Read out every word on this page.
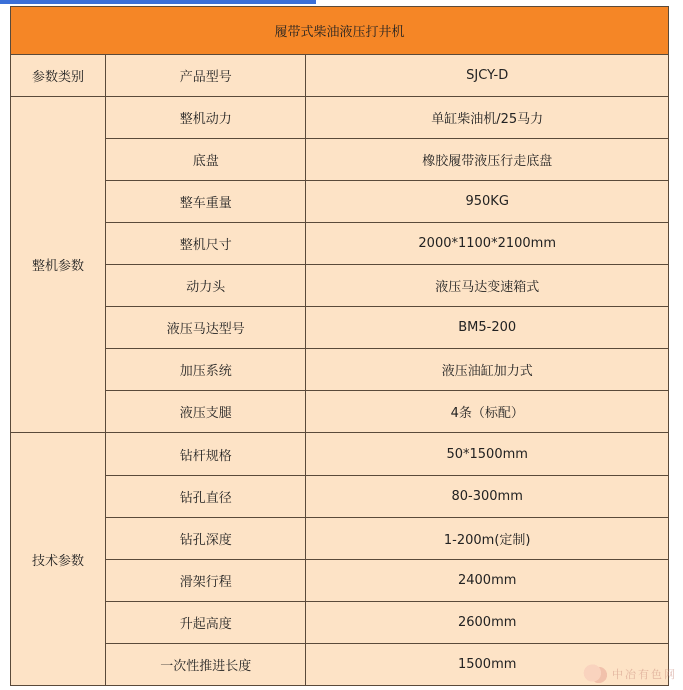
履带式柴油液压打井机		
参数类别	产品型号	SJCY-D
整机参数	整机动力	单缸柴油机/25马力
	底盘	橡胶履带液压行走底盘
	整车重量	950KG
	整机尺寸	2000*1100*2100mm
	动力头	液压马达变速箱式
	液压马达型号	BM5-200
	加压系统	液压油缸加力式
	液压支腿	4条（标配）
技术参数	钻杆规格	50*1500mm
	钻孔直径	80-300mm
	钻孔深度	1-200m(定制)
	滑架行程	2400mm
	升起高度	2600mm
	一次性推进长度	1500mm
中冶有色网
